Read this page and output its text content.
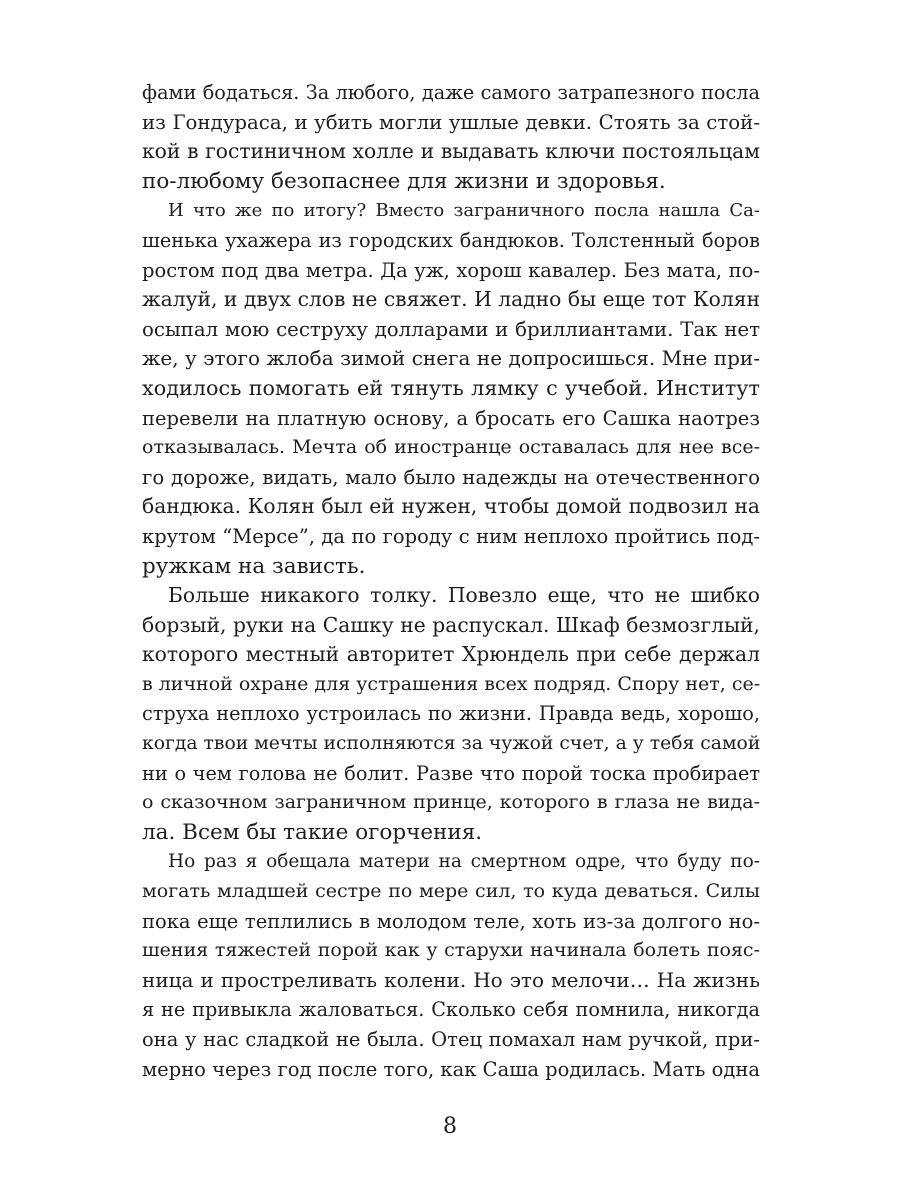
фами бодаться. За любого, даже самого затрапезного посла
из Гондураса, и убить могли ушлые девки. Стоять за стой-
кой в гостиничном холле и выдавать ключи постояльцам
по-любому безопаснее для жизни и здоровья.
И что же по итогу? Вместо заграничного посла нашла Са-
шенька ухажера из городских бандюков. Толстенный боров
ростом под два метра. Да уж, хорош кавалер. Без мата, по-
жалуй, и двух слов не свяжет. И ладно бы еще тот Колян
осыпал мою сеструху долларами и бриллиантами. Так нет
же, у этого жлоба зимой снега не допросишься. Мне при-
ходилось помогать ей тянуть лямку с учебой. Институт
перевели на платную основу, а бросать его Сашка наотрез
отказывалась. Мечта об иностранце оставалась для нее все-
го дороже, видать, мало было надежды на отечественного
бандюка. Колян был ей нужен, чтобы домой подвозил на
крутом “Мерсе”, да по городу с ним неплохо пройтись под-
ружкам на зависть.
Больше никакого толку. Повезло еще, что не шибко
борзый, руки на Сашку не распускал. Шкаф безмозглый,
которого местный авторитет Хрюндель при себе держал
в личной охране для устрашения всех подряд. Спору нет, се-
струха неплохо устроилась по жизни. Правда ведь, хорошо,
когда твои мечты исполняются за чужой счет, а у тебя самой
ни о чем голова не болит. Разве что порой тоска пробирает
о сказочном заграничном принце, которого в глаза не вида-
ла. Всем бы такие огорчения.
Но раз я обещала матери на смертном одре, что буду по-
могать младшей сестре по мере сил, то куда деваться. Силы
пока еще теплились в молодом теле, хоть из-за долгого но-
шения тяжестей порой как у старухи начинала болеть пояс-
ница и простреливать колени. Но это мелочи… На жизнь
я не привыкла жаловаться. Сколько себя помнила, никогда
она у нас сладкой не была. Отец помахал нам ручкой, при-
мерно через год после того, как Саша родилась. Мать одна
8
